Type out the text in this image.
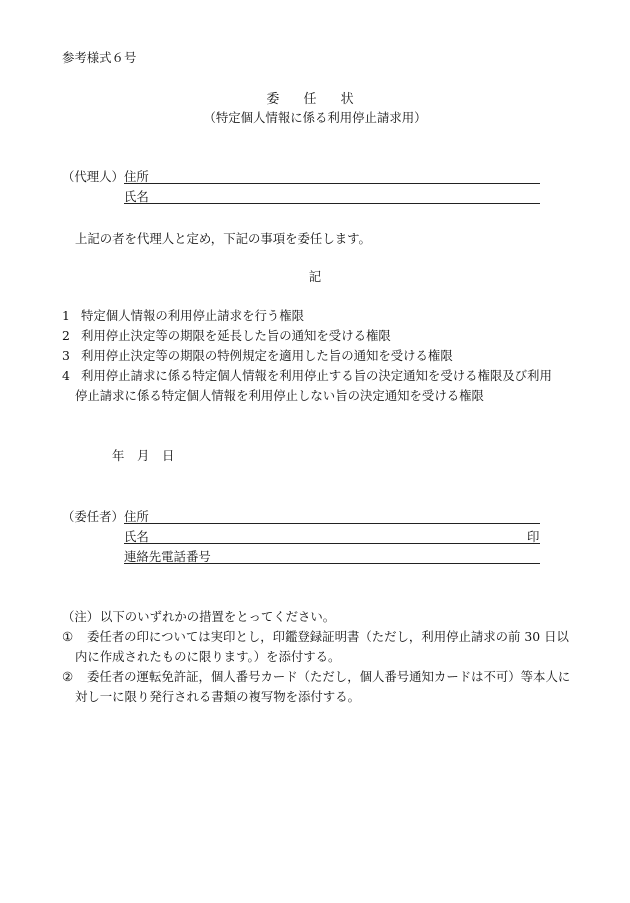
参考様式６号
委 任 状
（特定個人情報に係る利用停止請求用）
（代理人） 住所
氏名
上記の者を代理人と定め，下記の事項を委任します。
記
1 特定個人情報の利用停止請求を行う権限
2 利用停止決定等の期限を延長した旨の通知を受ける権限
3 利用停止決定等の期限の特例規定を適用した旨の通知を受ける権限
4 利用停止請求に係る特定個人情報を利用停止する旨の決定通知を受ける権限及び利用
停止請求に係る特定個人情報を利用停止しない旨の決定通知を受ける権限
年 月 日
（委任者） 住所
氏名	印
連絡先電話番号
（注） 以下のいずれかの措置をとってください。
① 委任者の印については実印とし，印鑑登録証明書（ただし，利用停止請求の前 30 日以
内に作成されたものに限ります。）を添付する。
② 委任者の運転免許証，個人番号カード（ただし，個人番号通知カードは不可）等本人に
対し一に限り発行される書類の複写物を添付する。
